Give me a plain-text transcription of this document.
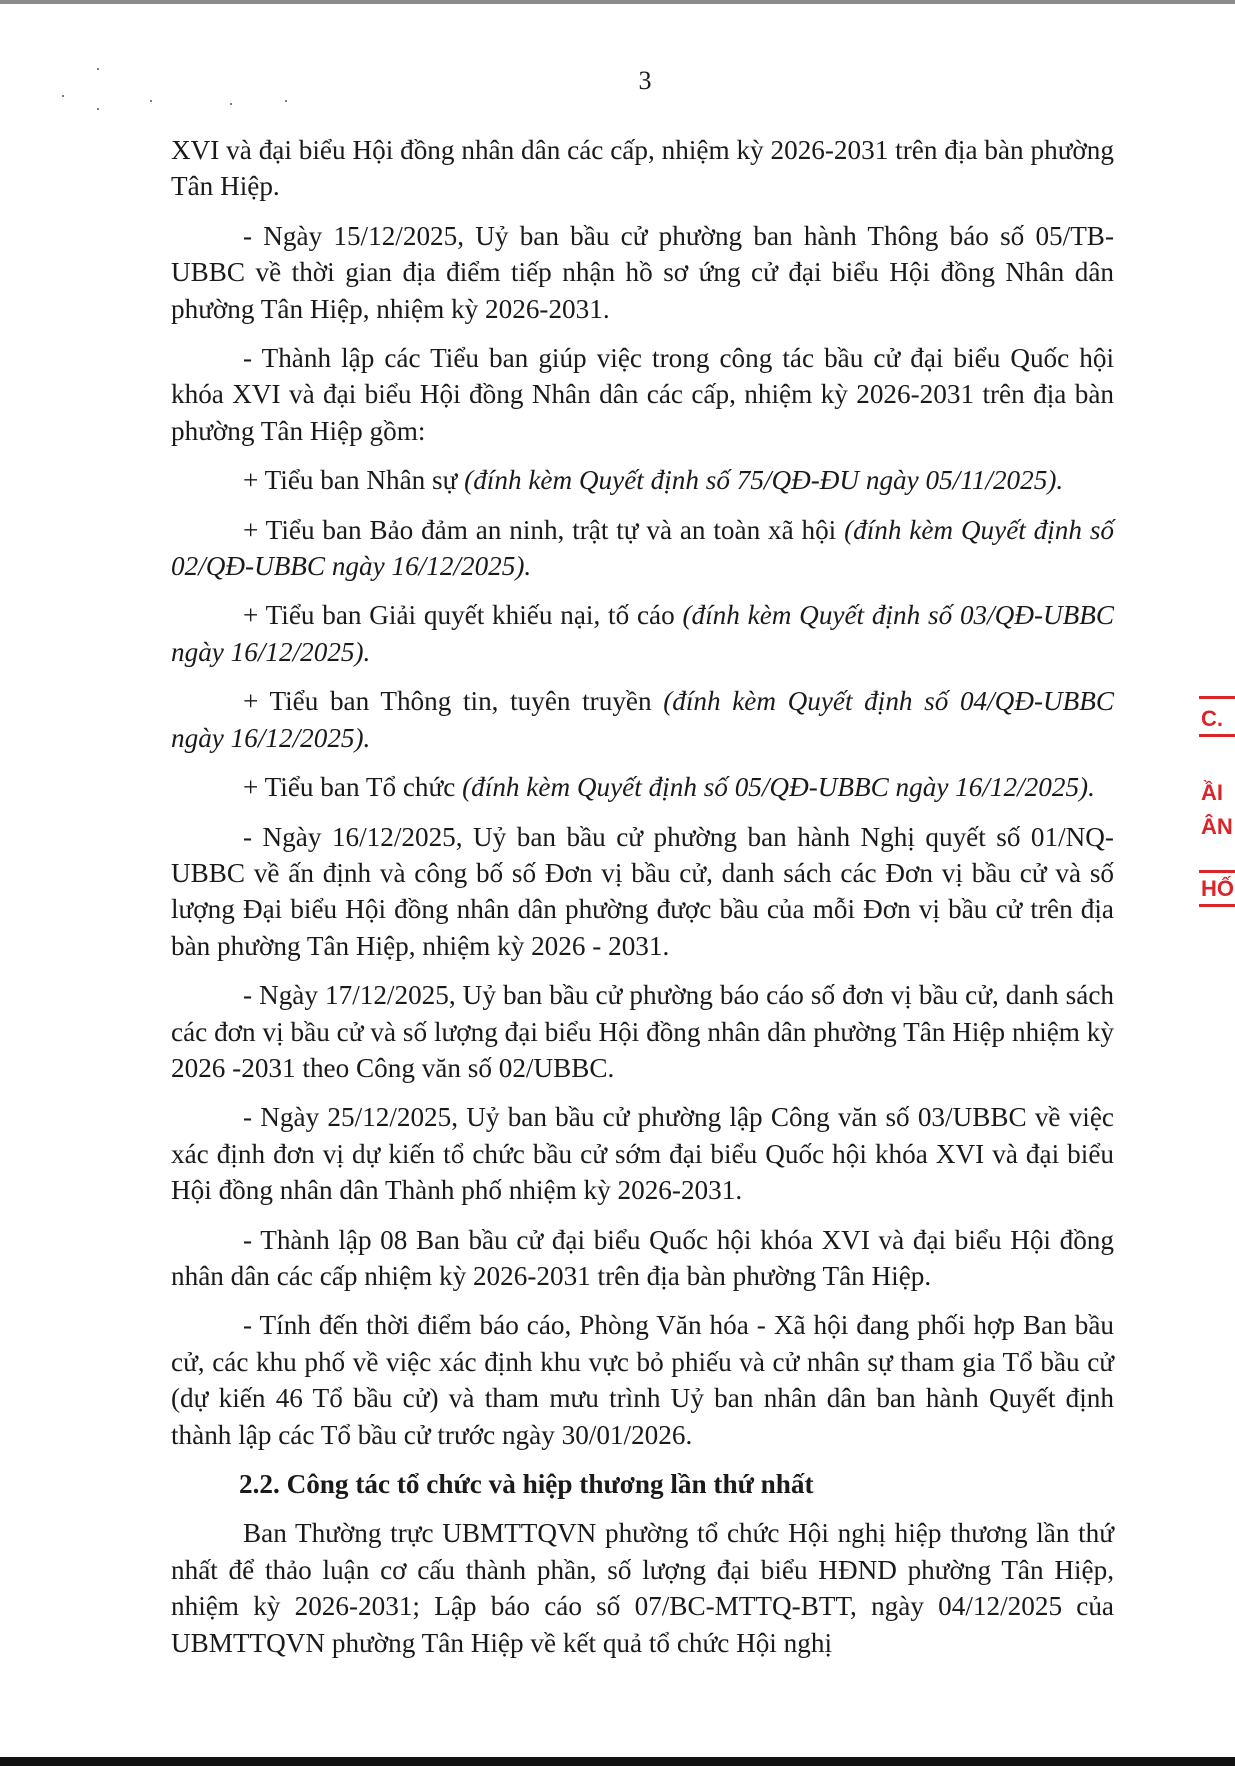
3

XVI và đại biểu Hội đồng nhân dân các cấp, nhiệm kỳ 2026-2031 trên địa bàn phường Tân Hiệp.

- Ngày 15/12/2025, Uỷ ban bầu cử phường ban hành Thông báo số 05/TB-UBBC về thời gian địa điểm tiếp nhận hồ sơ ứng cử đại biểu Hội đồng Nhân dân phường Tân Hiệp, nhiệm kỳ 2026-2031.

- Thành lập các Tiểu ban giúp việc trong công tác bầu cử đại biểu Quốc hội khóa XVI và đại biểu Hội đồng Nhân dân các cấp, nhiệm kỳ 2026-2031 trên địa bàn phường Tân Hiệp gồm:

+ Tiểu ban Nhân sự (đính kèm Quyết định số 75/QĐ-ĐU ngày 05/11/2025).

+ Tiểu ban Bảo đảm an ninh, trật tự và an toàn xã hội (đính kèm Quyết định số 02/QĐ-UBBC ngày 16/12/2025).

+ Tiểu ban Giải quyết khiếu nại, tố cáo (đính kèm Quyết định số 03/QĐ-UBBC ngày 16/12/2025).

+ Tiểu ban Thông tin, tuyên truyền (đính kèm Quyết định số 04/QĐ-UBBC ngày 16/12/2025).

+ Tiểu ban Tổ chức (đính kèm Quyết định số 05/QĐ-UBBC ngày 16/12/2025).

- Ngày 16/12/2025, Uỷ ban bầu cử phường ban hành Nghị quyết số 01/NQ-UBBC về ấn định và công bố số Đơn vị bầu cử, danh sách các Đơn vị bầu cử và số lượng Đại biểu Hội đồng nhân dân phường được bầu của mỗi Đơn vị bầu cử trên địa bàn phường Tân Hiệp, nhiệm kỳ 2026 - 2031.

- Ngày 17/12/2025, Uỷ ban bầu cử phường báo cáo số đơn vị bầu cử, danh sách các đơn vị bầu cử và số lượng đại biểu Hội đồng nhân dân phường Tân Hiệp nhiệm kỳ 2026 -2031 theo Công văn số 02/UBBC.

- Ngày 25/12/2025, Uỷ ban bầu cử phường lập Công văn số 03/UBBC về việc xác định đơn vị dự kiến tổ chức bầu cử sớm đại biểu Quốc hội khóa XVI và đại biểu Hội đồng nhân dân Thành phố nhiệm kỳ 2026-2031.

- Thành lập 08 Ban bầu cử đại biểu Quốc hội khóa XVI và đại biểu Hội đồng nhân dân các cấp nhiệm kỳ 2026-2031 trên địa bàn phường Tân Hiệp.

- Tính đến thời điểm báo cáo, Phòng Văn hóa - Xã hội đang phối hợp Ban bầu cử, các khu phố về việc xác định khu vực bỏ phiếu và cử nhân sự tham gia Tổ bầu cử (dự kiến 46 Tổ bầu cử) và tham mưu trình Uỷ ban nhân dân ban hành Quyết định thành lập các Tổ bầu cử trước ngày 30/01/2026.

2.2. Công tác tổ chức và hiệp thương lần thứ nhất

Ban Thường trực UBMTTQVN phường tổ chức Hội nghị hiệp thương lần thứ nhất để thảo luận cơ cấu thành phần, số lượng đại biểu HĐND phường Tân Hiệp, nhiệm kỳ 2026-2031; Lập báo cáo số 07/BC-MTTQ-BTT, ngày 04/12/2025 của UBMTTQVN phường Tân Hiệp về kết quả tổ chức Hội nghị

C.
ẦI
ÂN
HỐ
